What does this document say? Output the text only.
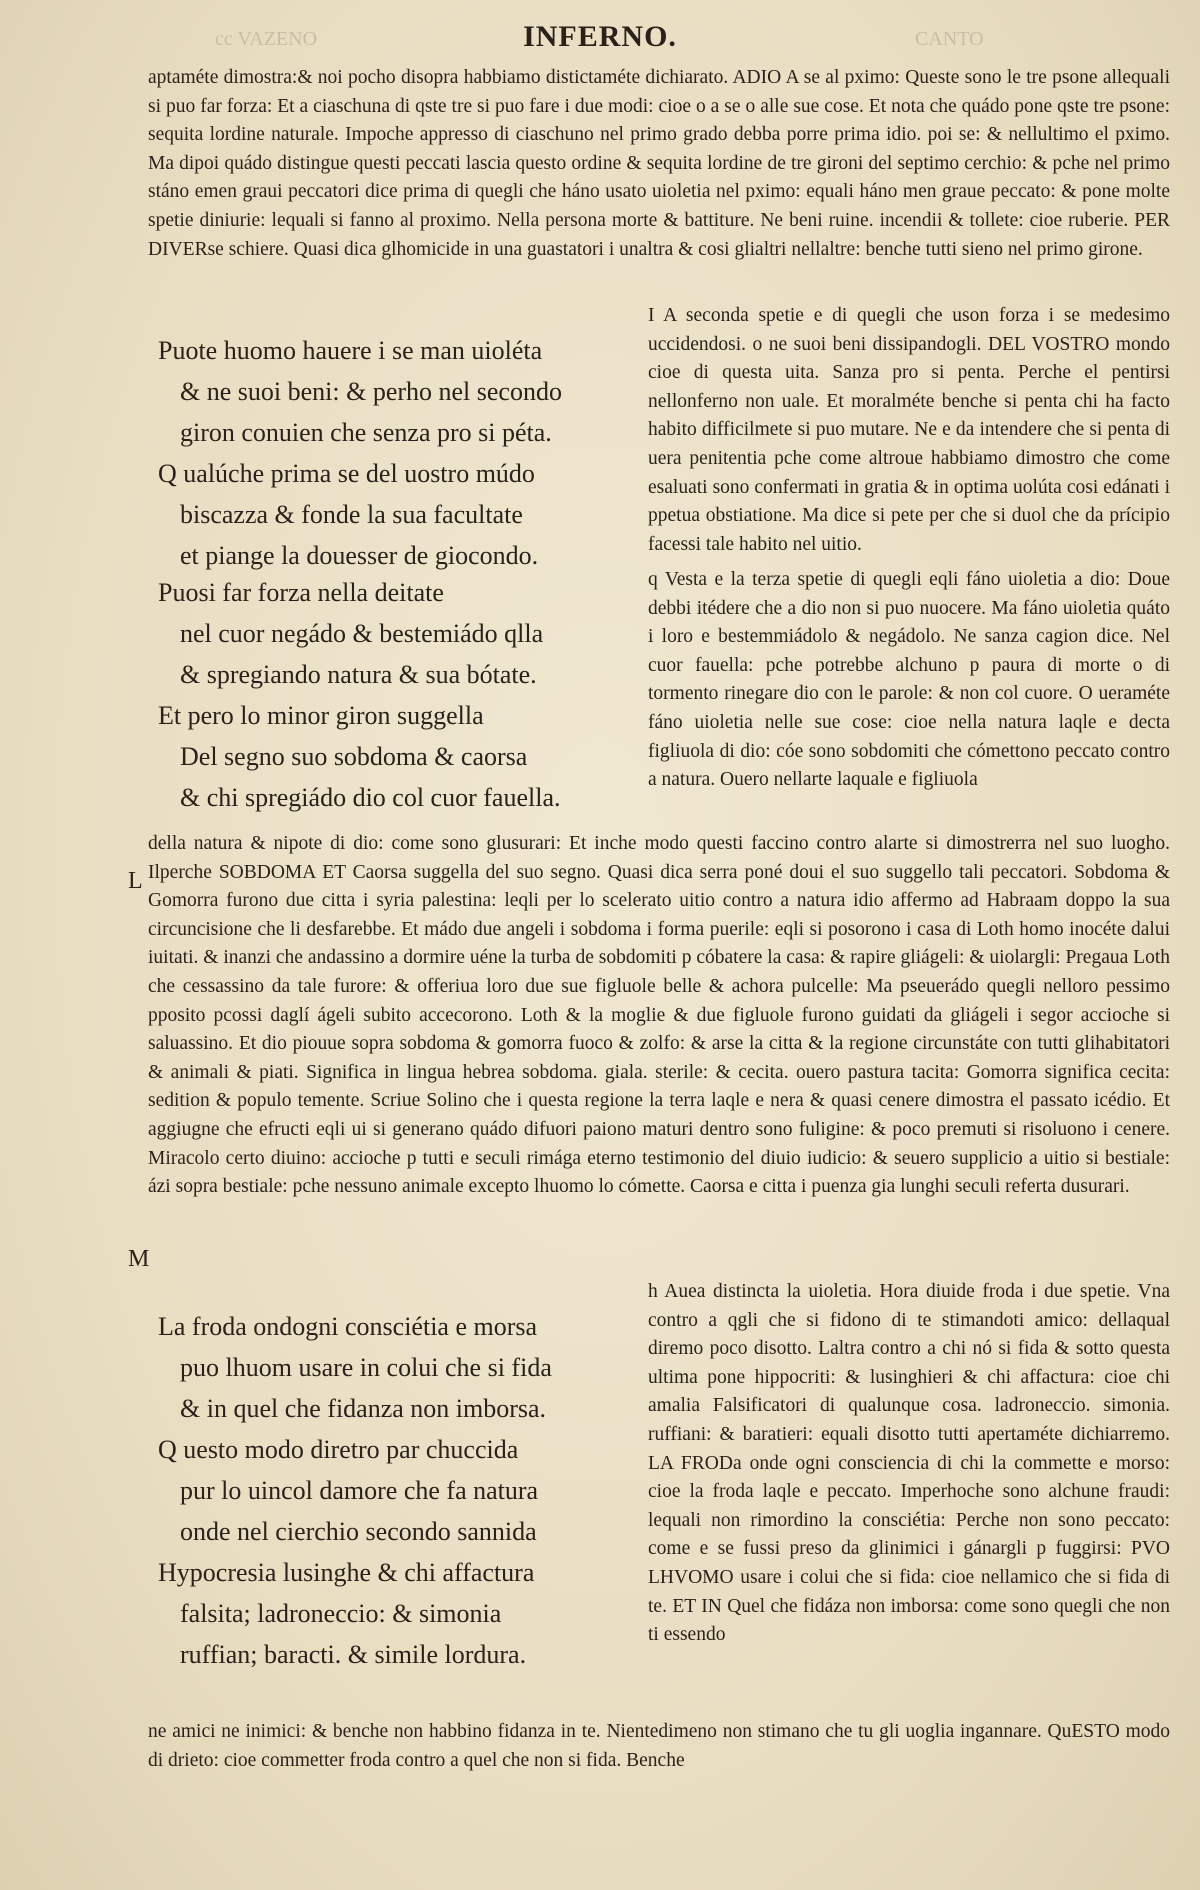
cc VAZENO	INFERNO.	CANTO

aptaméte dimostra:& noi pocho disopra habbiamo distictaméte dichiarato. ADIO A se al pximo: Queste sono le tre psone allequali si puo far forza: Et a ciaschuna di qste tre si puo fare i due modi: cioe o a se o alle sue cose. Et nota che quádo pone qste tre psone: sequita lordine naturale. Impoche appresso di ciaschuno nel primo grado debba porre prima idio. poi se: & nellultimo el pximo. Ma dipoi quádo distingue questi peccati lascia questo ordine & sequita lordine de tre gironi del septimo cerchio: & pche nel primo stáno emen graui peccatori dice prima di quegli che háno usato uioletia nel pximo: equali háno men graue peccato: & pone molte spetie diniurie: lequali si fanno al proximo. Nella persona morte & battiture. Ne beni ruine. incendii & tollete: cioe ruberie. PER DIVERse schiere. Quasi dica glhomicide in una guastatori i unaltra & cosi glialtri nellaltre: benche tutti sieno nel primo girone.

Puote huomo hauere i se man uioléta
& ne suoi beni: & perho nel secondo
giron conuien che senza pro si péta.
Q ualúche prima se del uostro múdo
biscazza & fonde la sua facultate
et piange la douesser de giocondo.

I A seconda spetie e di quegli che uson forza i se medesimo uccidendosi. o ne suoi beni dissipandogli. DEL VOSTRO mondo cioe di questa uita. Sanza pro si penta. Perche el pentirsi nellonferno non uale. Et moralméte benche si penta chi ha facto habito difficilmete si puo mutare. Ne e da intendere che si penta di uera penitentia pche come altroue habbiamo dimostro che come esaluati sono confermati in gratia & in optima uolúta cosi edánati i ppetua obstiatione. Ma dice si pete per che si duol che da prícipio facessi tale habito nel uitio.

Puosi far forza nella deitate
nel cuor negádo & bestemiádo qlla
& spregiando natura & sua bótate.
Et pero lo minor giron suggella
Del segno suo sobdoma & caorsa
& chi spregiádo dio col cuor fauella.

q Vesta e la terza spetie di quegli eqli fáno uioletia a dio: Doue debbi itédere che a dio non si puo nuocere. Ma fáno uioletia quáto i loro e bestemmiádolo & negádolo. Ne sanza cagion dice. Nel cuor fauella: pche potrebbe alchuno p paura di morte o di tormento rinegare dio con le parole: & non col cuore. O ueraméte fáno uioletia nelle sue cose: cioe nella natura laqle e decta figliuola di dio: cóe sono sobdomiti che cómettono peccato contro a natura. Ouero nellarte laquale e figliuola

L

della natura & nipote di dio: come sono glusurari: Et inche modo questi faccino contro alarte si dimostrerra nel suo luogho. Ilperche SOBDOMA ET Caorsa suggella del suo segno. Quasi dica serra poné doui el suo suggello tali peccatori. Sobdoma & Gomorra furono due citta i syria palestina: leqli per lo scelerato uitio contro a natura idio affermo ad Habraam doppo la sua circuncisione che li desfarebbe. Et mádo due angeli i sobdoma i forma puerile: eqli si posorono i casa di Loth homo inocéte dalui iuitati. & inanzi che andassino a dormire uéne la turba de sobdomiti p cóbatere la casa: & rapire gliágeli: & uiolargli: Pregaua Loth che cessassino da tale furore: & offeriua loro due sue figluole belle & achora pulcelle: Ma pseuerádo quegli nelloro pessimo pposito pcossi daglí ágeli subito accecorono. Loth & la moglie & due figluole furono guidati da gliágeli i segor accioche si saluassino. Et dio piouue sopra sobdoma & gomorra fuoco & zolfo: & arse la citta & la regione circunstáte con tutti glihabitatori & animali & piati. Significa in lingua hebrea sobdoma. giala. sterile: & cecita. ouero pastura tacita: Gomorra significa cecita: sedition & populo temente. Scriue Solino che i questa regione la terra laqle e nera & quasi cenere dimostra el passato icédio. Et aggiugne che efructi eqli ui si generano quádo difuori paiono maturi dentro sono fuligine: & poco premuti si risoluono i cenere. Miracolo certo diuino: accioche p tutti e seculi rimága eterno testimonio del diuio iudicio: & seuero supplicio a uitio si bestiale: ázi sopra bestiale: pche nessuno animale excepto lhuomo lo cómette. Caorsa e citta i puenza gia lunghi seculi referta dusurari.

M
La froda ondogni consciétia e morsa
puo lhuom usare in colui che si fida
& in quel che fidanza non imborsa.
Q uesto modo diretro par chuccida
pur lo uincol damore che fa natura
onde nel cierchio secondo sannida
Hypocresia lusinghe & chi affactura
falsita; ladroneccio: & simonia
ruffian; baracti. & simile lordura.

h Auea distincta la uioletia. Hora diuide froda i due spetie. Vna contro a qgli che si fidono di te stimandoti amico: dellaqual diremo poco disotto. Laltra contro a chi nó si fida & sotto questa ultima pone hippocriti: & lusinghieri & chi affactura: cioe chi amalia Falsificatori di qualunque cosa. ladroneccio. simonia. ruffiani: & baratieri: equali disotto tutti apertaméte dichiarremo. LA FRODa onde ogni consciencia di chi la commette e morso: cioe la froda laqle e peccato. Imperhoche sono alchune fraudi: lequali non rimordino la consciétia: Perche non sono peccato: come e se fussi preso da glinimici i gánargli p fuggirsi: PVO LHVOMO usare i colui che si fida: cioe nellamico che si fida di te. ET IN Quel che fidáza non imborsa: come sono quegli che non ti essendo

ne amici ne inimici: & benche non habbino fidanza in te. Nientedimeno non stimano che tu gli uoglia ingannare. QuESTO modo di drieto: cioe commetter froda contro a quel che non si fida. Benche
